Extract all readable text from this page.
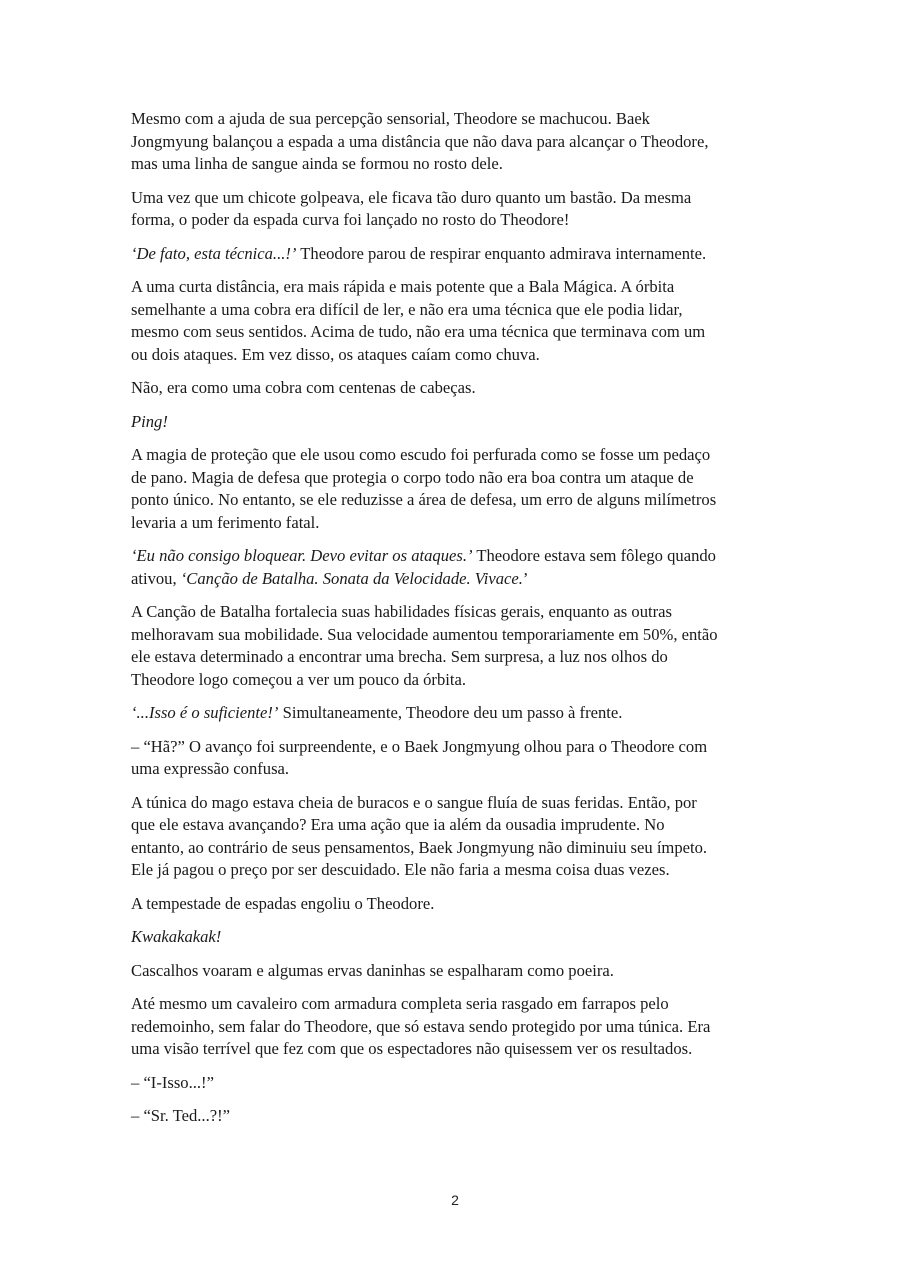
Mesmo com a ajuda de sua percepção sensorial, Theodore se machucou. Baek
Jongmyung balançou a espada a uma distância que não dava para alcançar o Theodore,
mas uma linha de sangue ainda se formou no rosto dele.

Uma vez que um chicote golpeava, ele ficava tão duro quanto um bastão. Da mesma
forma, o poder da espada curva foi lançado no rosto do Theodore!

‘De fato, esta técnica...!’ Theodore parou de respirar enquanto admirava internamente.

A uma curta distância, era mais rápida e mais potente que a Bala Mágica. A órbita
semelhante a uma cobra era difícil de ler, e não era uma técnica que ele podia lidar,
mesmo com seus sentidos. Acima de tudo, não era uma técnica que terminava com um
ou dois ataques. Em vez disso, os ataques caíam como chuva.

Não, era como uma cobra com centenas de cabeças.

Ping!

A magia de proteção que ele usou como escudo foi perfurada como se fosse um pedaço
de pano. Magia de defesa que protegia o corpo todo não era boa contra um ataque de
ponto único. No entanto, se ele reduzisse a área de defesa, um erro de alguns milímetros
levaria a um ferimento fatal.

‘Eu não consigo bloquear. Devo evitar os ataques.’ Theodore estava sem fôlego quando
ativou, ‘Canção de Batalha. Sonata da Velocidade. Vivace.’

A Canção de Batalha fortalecia suas habilidades físicas gerais, enquanto as outras
melhoravam sua mobilidade. Sua velocidade aumentou temporariamente em 50%, então
ele estava determinado a encontrar uma brecha. Sem surpresa, a luz nos olhos do
Theodore logo começou a ver um pouco da órbita.

‘...Isso é o suficiente!’ Simultaneamente, Theodore deu um passo à frente.

– “Hã?” O avanço foi surpreendente, e o Baek Jongmyung olhou para o Theodore com
uma expressão confusa.

A túnica do mago estava cheia de buracos e o sangue fluía de suas feridas. Então, por
que ele estava avançando? Era uma ação que ia além da ousadia imprudente. No
entanto, ao contrário de seus pensamentos, Baek Jongmyung não diminuiu seu ímpeto.
Ele já pagou o preço por ser descuidado. Ele não faria a mesma coisa duas vezes.

A tempestade de espadas engoliu o Theodore.

Kwakakakak!

Cascalhos voaram e algumas ervas daninhas se espalharam como poeira.

Até mesmo um cavaleiro com armadura completa seria rasgado em farrapos pelo
redemoinho, sem falar do Theodore, que só estava sendo protegido por uma túnica. Era
uma visão terrível que fez com que os espectadores não quisessem ver os resultados.

– “I-Isso...!”

– “Sr. Ted...?!”

2
